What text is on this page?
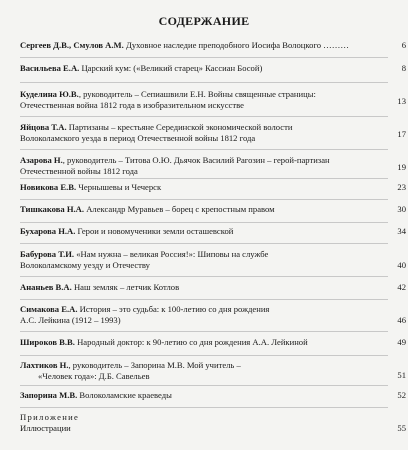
СОДЕРЖАНИЕ
Сергеев Д.В., Смулов А.М. Духовное наследие преподобного Иосифа Волоцкого ………	6
Васильева Е.А. Царский кум: («Великий старец» Кассиан Босой)	8
Куделина Ю.В., руководитель – Сепиашвили Е.Н. Войны священные страницы:
Отечественная война 1812 года в изобразительном искусстве	13
Яйцова Т.А. Партизаны – крестьяне Серединской экономической волости
Волоколамского уезда в период Отечественной войны 1812 года	17
Азарова Н., руководитель – Титова О.Ю. Дьячок Василий Рагозин – герой-партизан
Отечественной войны 1812 года	19
Новикова Е.В. Чернышевы и Чечерск	23
Тишкакова Н.А. Александр Муравьев – борец с крепостным правом	30
Бухарова Н.А. Герои и новомученики земли осташевской	34
Бабурова Т.И. «Нам нужна – великая Россия!»: Шиповы на службе
Волоколамскому уезду и Отечеству	40
Ананьев В.А. Наш земляк – летчик Котлов	42
Симакова Е.А. История – это судьба: к 100-летию со дня рождения
А.С. Лейкина (1912 – 1993)	46
Широков В.В. Народный доктор: к 90-летию со дня рождения А.А. Лейкиной	49
Лахтиков Н., руководитель – Запорина М.В. Мой учитель –
«Человек года»: Д.Б. Савельев	51
Запорина М.В. Волоколамские краеведы	52
Приложение
Иллюстрации	55
